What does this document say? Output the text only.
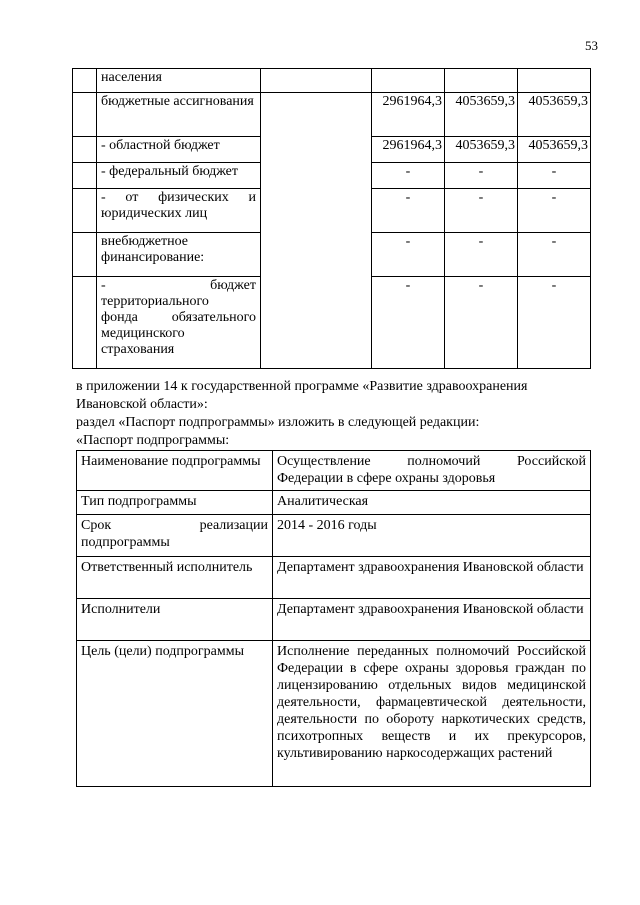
53
	населения				
	бюджетные ассигнования		2961964,3	4053659,3	4053659,3
	- областной бюджет		2961964,3	4053659,3	4053659,3
	- федеральный бюджет		-	-	-

	- от физических и
юридических лиц		-	-	-
	внебюджетное финансирование:		-	-	-

	- бюджет
территориального
фонда обязательного
медицинского
страхования		-	-	-
в приложении 14 к государственной программе «Развитие здравоохранения
Ивановской области»:
раздел «Паспорт подпрограммы» изложить в следующей редакции:
«Паспорт подпрограммы:
Наименование подпрограммы	Осуществление полномочий Российской Федерации в сфере охраны здоровья
Тип подпрограммы	Аналитическая
Срок реализации подпрограммы	2014 - 2016 годы
Ответственный исполнитель	Департамент здравоохранения Ивановской области
Исполнители	Департамент здравоохранения Ивановской области
Цель (цели) подпрограммы	Исполнение переданных полномочий Российской Федерации в сфере охраны здоровья граждан по лицензированию отдельных видов медицинской деятельности, фармацевтической деятельности, деятельности по обороту наркотических средств, психотропных веществ и их прекурсоров, культивированию наркосодержащих растений
